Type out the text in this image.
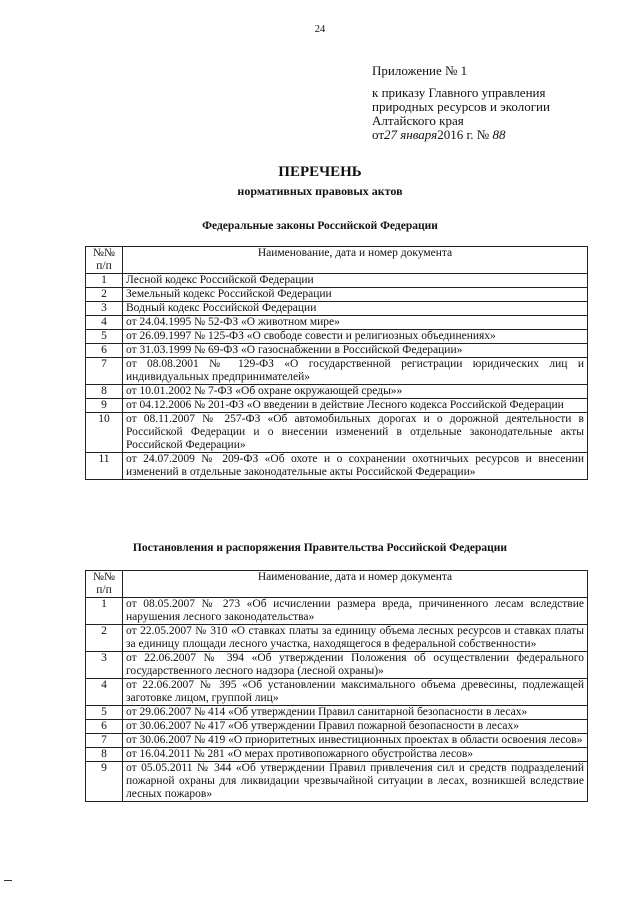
24
Приложение № 1
к приказу Главного управления
природных ресурсов и экологии
Алтайского края
от27 января2016 г. № 88
ПЕРЕЧЕНЬ
нормативных правовых актов
Федеральные законы Российской Федерации
№№ п/п	Наименование, дата и номер документа
1	Лесной кодекс Российской Федерации
2	Земельный кодекс Российской Федерации
3	Водный кодекс Российской Федерации
4	от 24.04.1995 № 52-ФЗ «О животном мире»
5	от 26.09.1997 № 125-ФЗ «О свободе совести и религиозных объединениях»
6	от 31.03.1999 № 69-ФЗ «О газоснабжении в Российской Федерации»
7	от 08.08.2001 № 129-ФЗ «О государственной регистрации юридических лиц и индивидуальных предпринимателей»
8	от 10.01.2002 № 7-ФЗ «Об охране окружающей среды»»
9	от 04.12.2006 № 201-ФЗ «О введении в действие Лесного кодекса Российской Федерации
10	от 08.11.2007 № 257-ФЗ «Об автомобильных дорогах и о дорожной деятельности в Российской Федерации и о внесении изменений в отдельные законодательные акты Российской Федерации»
11	от 24.07.2009 № 209-ФЗ «Об охоте и о сохранении охотничьих ресурсов и внесении изменений в отдельные законодательные акты Российской Федерации»
Постановления и распоряжения Правительства Российской Федерации
№№ п/п	Наименование, дата и номер документа
1	от 08.05.2007 № 273 «Об исчислении размера вреда, причиненного лесам вследствие нарушения лесного законодательства»
2	от 22.05.2007 № 310 «О ставках платы за единицу объема лесных ресурсов и ставках платы за единицу площади лесного участка, находящегося в федеральной собственности»
3	от 22.06.2007 № 394 «Об утверждении Положения об осуществлении федерального государственного лесного надзора (лесной охраны)»
4	от 22.06.2007 № 395 «Об установлении максимального объема древесины, подлежащей заготовке лицом, группой лиц»
5	от 29.06.2007 № 414 «Об утверждении Правил санитарной безопасности в лесах»
6	от 30.06.2007 № 417 «Об утверждении Правил пожарной безопасности в лесах»
7	от 30.06.2007 № 419 «О приоритетных инвестиционных проектах в области освоения лесов»
8	от 16.04.2011 № 281 «О мерах противопожарного обустройства лесов»
9	от 05.05.2011 № 344 «Об утверждении Правил привлечения сил и средств подразделений пожарной охраны для ликвидации чрезвычайной ситуации в лесах, возникшей вследствие лесных пожаров»
